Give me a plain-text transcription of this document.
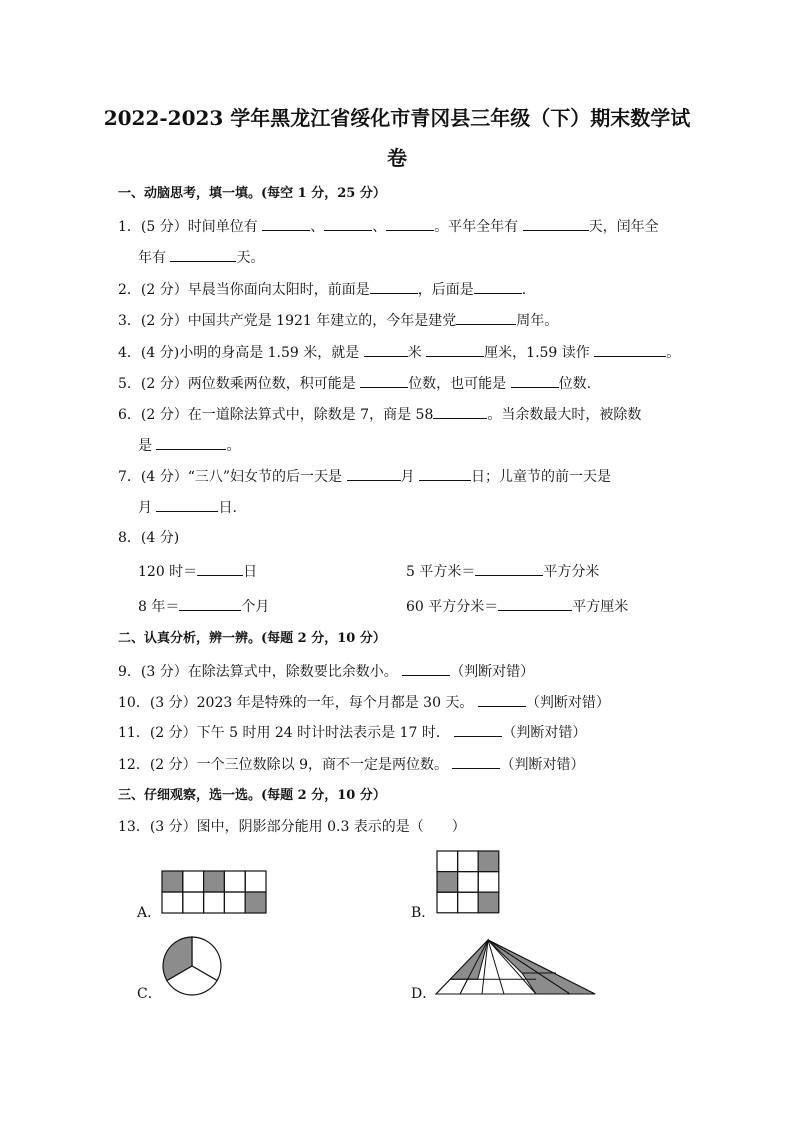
2022-2023 学年黑龙江省绥化市青冈县三年级（下）期末数学试
卷
一、动脑思考，填一填。(每空 1 分，25 分）
1．(5 分）时间单位有	、	、	。平年全年有	天，闰年全
年有	天。
2．(2 分）早晨当你面向太阳时，前面是	，后面是	.
3．(2 分）中国共产党是 1921 年建立的，今年是建党	周年。
4．(4 分)小明的身高是 1.59 米，就是	米	厘米，1.59 读作	。
5．(2 分）两位数乘两位数，积可能是	位数，也可能是	位数.
6．(2 分）在一道除法算式中，除数是 7，商是 58	。当余数最大时，被除数
是	。
7．(4 分）“三八”妇女节的后一天是	月	日；儿童节的前一天是
月	日.
8．(4 分)
120 时＝	日	5 平方米＝	平方分米
8 年＝	个月	60 平方分米＝	平方厘米
二、认真分析，辨一辨。(每题 2 分，10 分）
9．(3 分）在除法算式中，除数要比余数小。	（判断对错）
10．(3 分）2023 年是特殊的一年，每个月都是 30 天。	（判断对错）
11．(2 分）下午 5 时用 24 时计时法表示是 17 时．	（判断对错）
12．(2 分）一个三位数除以 9，商不一定是两位数。	（判断对错）
三、仔细观察，选一选。(每题 2 分，10 分）
13．(3 分）图中，阴影部分能用 0.3 表示的是（　　）
A．	B．
C．	D．
